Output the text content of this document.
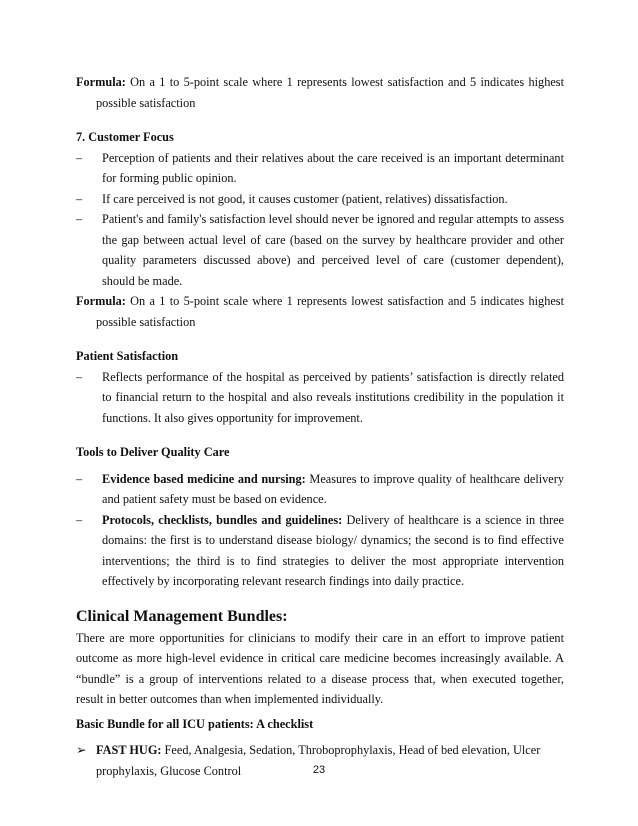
Formula: On a 1 to 5-point scale where 1 represents lowest satisfaction and 5 indicates highest possible satisfaction

7. Customer Focus

– Perception of patients and their relatives about the care received is an important determinant for forming public opinion.

– If care perceived is not good, it causes customer (patient, relatives) dissatisfaction.

– Patient's and family's satisfaction level should never be ignored and regular attempts to assess the gap between actual level of care (based on the survey by healthcare provider and other quality parameters discussed above) and perceived level of care (customer dependent), should be made.

Formula: On a 1 to 5-point scale where 1 represents lowest satisfaction and 5 indicates highest possible satisfaction

Patient Satisfaction

– Reflects performance of the hospital as perceived by patients’ satisfaction is directly related to financial return to the hospital and also reveals institutions credibility in the population it functions. It also gives opportunity for improvement.

Tools to Deliver Quality Care

– Evidence based medicine and nursing: Measures to improve quality of healthcare delivery and patient safety must be based on evidence.

– Protocols, checklists, bundles and guidelines: Delivery of healthcare is a science in three domains: the first is to understand disease biology/ dynamics; the second is to find effective interventions; the third is to find strategies to deliver the most appropriate intervention effectively by incorporating relevant research findings into daily practice.

Clinical Management Bundles:

There are more opportunities for clinicians to modify their care in an effort to improve patient outcome as more high-level evidence in critical care medicine becomes increasingly available. A “bundle” is a group of interventions related to a disease process that, when executed together, result in better outcomes than when implemented individually.

Basic Bundle for all ICU patients: A checklist

➢ FAST HUG: Feed, Analgesia, Sedation, Throboprophylaxis, Head of bed elevation, Ulcer prophylaxis, Glucose Control	23
